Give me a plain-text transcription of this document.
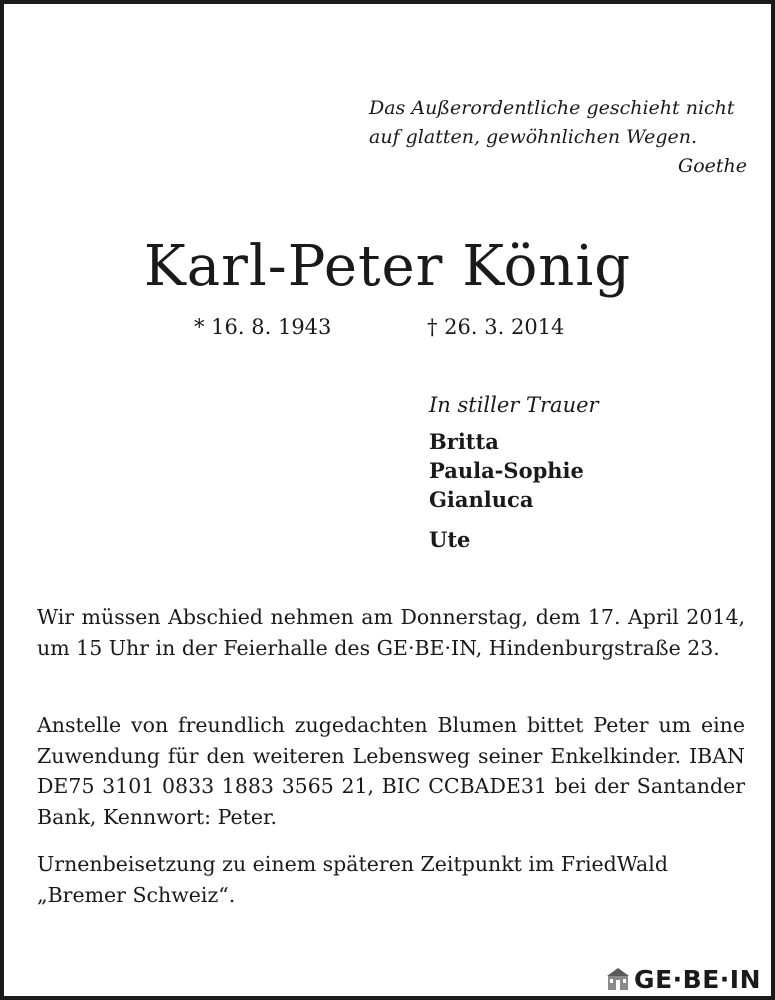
Das Außerordentliche geschieht nicht
auf glatten, gewöhnlichen Wegen.
Goethe
Karl-Peter König
* 16. 8. 1943	† 26. 3. 2014
In stiller Trauer
Britta
Paula-Sophie
Gianluca
Ute
Wir müssen Abschied nehmen am Donnerstag, dem 17. April 2014, um 15 Uhr in der Feierhalle des GE·BE·IN, Hindenburgstraße 23.
Anstelle von freundlich zugedachten Blumen bittet Peter um eine Zuwendung für den weiteren Lebensweg seiner Enkelkinder. IBAN DE75 3101 0833 1883 3565 21, BIC CCBADE31 bei der Santander Bank, Kennwort: Peter.
Urnenbeisetzung zu einem späteren Zeitpunkt im FriedWald „Bremer Schweiz“.
GE·BE·IN
